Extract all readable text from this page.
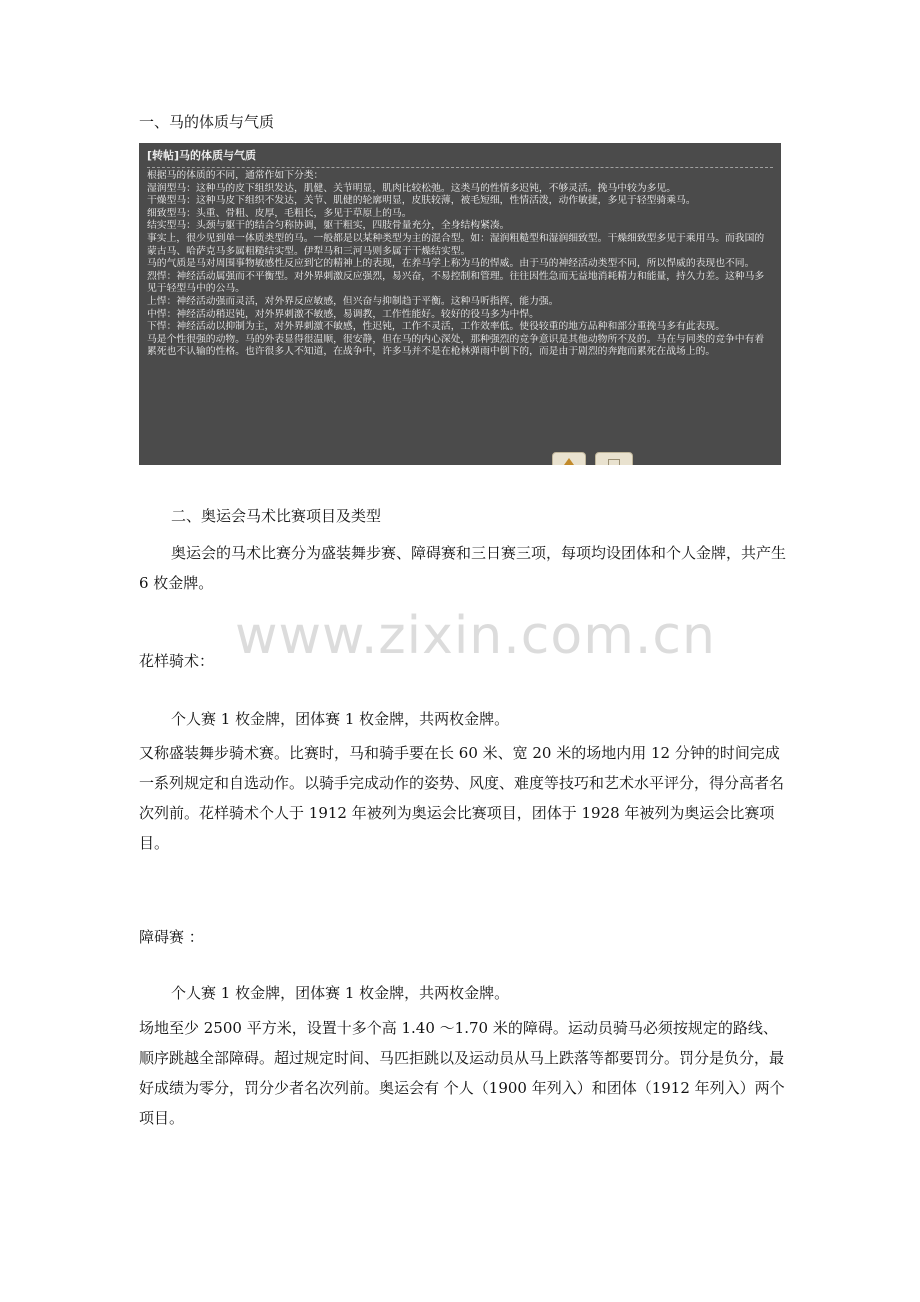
一、马的体质与气质

[转帖]马的体质与气质

根据马的体质的不同，通常作如下分类：

湿润型马：这种马的皮下组织发达，肌健、关节明显，肌肉比较松弛。这类马的性情多迟钝，不够灵活。挽马中较为多见。

干燥型马：这种马皮下组织不发达，关节、肌健的轮廓明显，皮肤较薄，被毛短细，性情活泼，动作敏捷，多见于轻型骑乘马。

细致型马：头重、骨粗、皮厚，毛粗长，多见于草原上的马。

结实型马：头颈与躯干的结合匀称协调，躯干粗实，四肢骨量充分，全身结构紧凑。

事实上，很少见到单一体质类型的马。一般都是以某种类型为主的混合型。如：湿润粗糙型和湿润细致型。干燥细致型多见于乘用马。而我国的蒙古马、哈萨克马多属粗糙结实型。伊犁马和三河马则多属于干燥结实型。

马的气质是马对周围事物敏感性反应到它的精神上的表现，在养马学上称为马的悍威。由于马的神经活动类型不同，所以悍威的表现也不同。

烈悍：神经活动属强而不平衡型。对外界刺激反应强烈，易兴奋，不易控制和管理。往往因性急而无益地消耗精力和能量，持久力差。这种马多见于轻型马中的公马。

上悍：神经活动强而灵活，对外界反应敏感，但兴奋与抑制趋于平衡。这种马听指挥，能力强。

中悍：神经活动稍迟钝，对外界刺激不敏感，易调教，工作性能好。较好的役马多为中悍。

下悍：神经活动以抑制为主，对外界刺激不敏感，性迟钝，工作不灵活，工作效率低。使役较重的地方品种和部分重挽马多有此表现。

马是个性很强的动物。马的外表显得很温顺，很安静，但在马的内心深处，那种强烈的竞争意识是其他动物所不及的。马在与同类的竞争中有着累死也不认输的性格。也许很多人不知道，在战争中，许多马并不是在枪林弹雨中倒下的，而是由于剧烈的奔跑而累死在战场上的。

二、奥运会马术比赛项目及类型

奥运会的马术比赛分为盛装舞步赛、障碍赛和三日赛三项，每项均设团体和个人金牌，共产生 6 枚金牌。

www.zixin.com.cn

花样骑术：

个人赛 1 枚金牌，团体赛 1 枚金牌，共两枚金牌。

又称盛装舞步骑术赛。比赛时，马和骑手要在长 60 米、宽 20 米的场地内用 12 分钟的时间完成一系列规定和自选动作。以骑手完成动作的姿势、风度、难度等技巧和艺术水平评分，得分高者名次列前。花样骑术个人于 1912 年被列为奥运会比赛项目，团体于 1928 年被列为奥运会比赛项目。

障碍赛 ：

个人赛 1 枚金牌，团体赛 1 枚金牌，共两枚金牌。

场地至少 2500 平方米，设置十多个高 1.40 ～1.70 米的障碍。运动员骑马必须按规定的路线、顺序跳越全部障碍。超过规定时间、马匹拒跳以及运动员从马上跌落等都要罚分。罚分是负分，最好成绩为零分，罚分少者名次列前。奥运会有 个人（1900 年列入）和团体（1912 年列入）两个项目。
